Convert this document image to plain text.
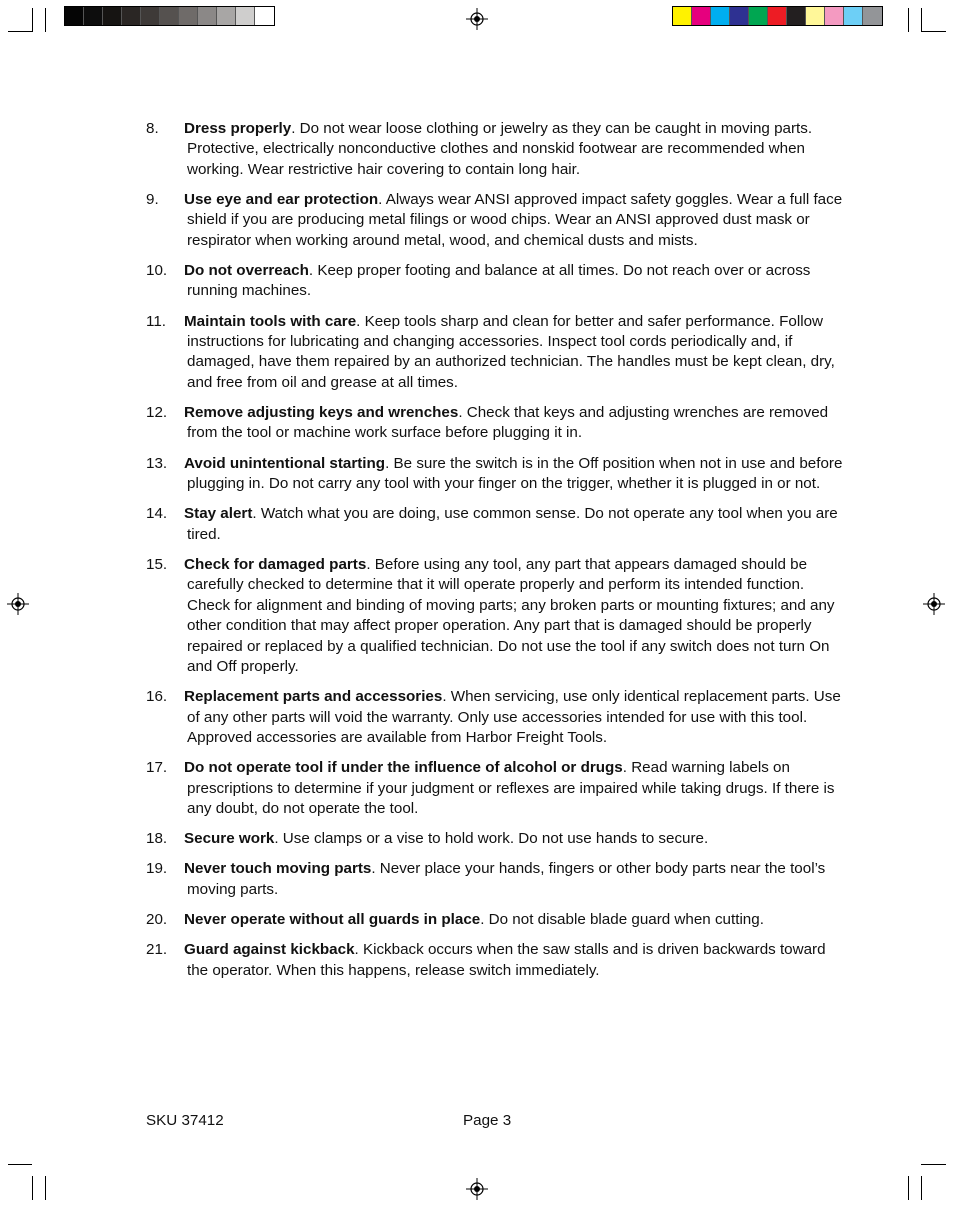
8. Dress properly. Do not wear loose clothing or jewelry as they can be caught in moving parts. Protective, electrically nonconductive clothes and nonskid footwear are recommended when working. Wear restrictive hair covering to contain long hair.
9. Use eye and ear protection. Always wear ANSI approved impact safety goggles. Wear a full face shield if you are producing metal filings or wood chips. Wear an ANSI approved dust mask or respirator when working around metal, wood, and chemical dusts and mists.
10. Do not overreach. Keep proper footing and balance at all times. Do not reach over or across running machines.
11. Maintain tools with care. Keep tools sharp and clean for better and safer performance. Follow instructions for lubricating and changing accessories. Inspect tool cords periodically and, if damaged, have them repaired by an authorized technician. The handles must be kept clean, dry, and free from oil and grease at all times.
12. Remove adjusting keys and wrenches. Check that keys and adjusting wrenches are removed from the tool or machine work surface before plugging it in.
13. Avoid unintentional starting. Be sure the switch is in the Off position when not in use and before plugging in. Do not carry any tool with your finger on the trigger, whether it is plugged in or not.
14. Stay alert. Watch what you are doing, use common sense. Do not operate any tool when you are tired.
15. Check for damaged parts. Before using any tool, any part that appears damaged should be carefully checked to determine that it will operate properly and perform its intended function. Check for alignment and binding of moving parts; any broken parts or mounting fixtures; and any other condition that may affect proper operation. Any part that is damaged should be properly repaired or replaced by a qualified technician. Do not use the tool if any switch does not turn On and Off properly.
16. Replacement parts and accessories. When servicing, use only identical replacement parts. Use of any other parts will void the warranty. Only use accessories intended for use with this tool. Approved accessories are available from Harbor Freight Tools.
17. Do not operate tool if under the influence of alcohol or drugs. Read warning labels on prescriptions to determine if your judgment or reflexes are impaired while taking drugs. If there is any doubt, do not operate the tool.
18. Secure work. Use clamps or a vise to hold work. Do not use hands to secure.
19. Never touch moving parts. Never place your hands, fingers or other body parts near the tool’s moving parts.
20. Never operate without all guards in place. Do not disable blade guard when cutting.
21. Guard against kickback. Kickback occurs when the saw stalls and is driven backwards toward the operator. When this happens, release switch immediately.
SKU 37412	Page 3
